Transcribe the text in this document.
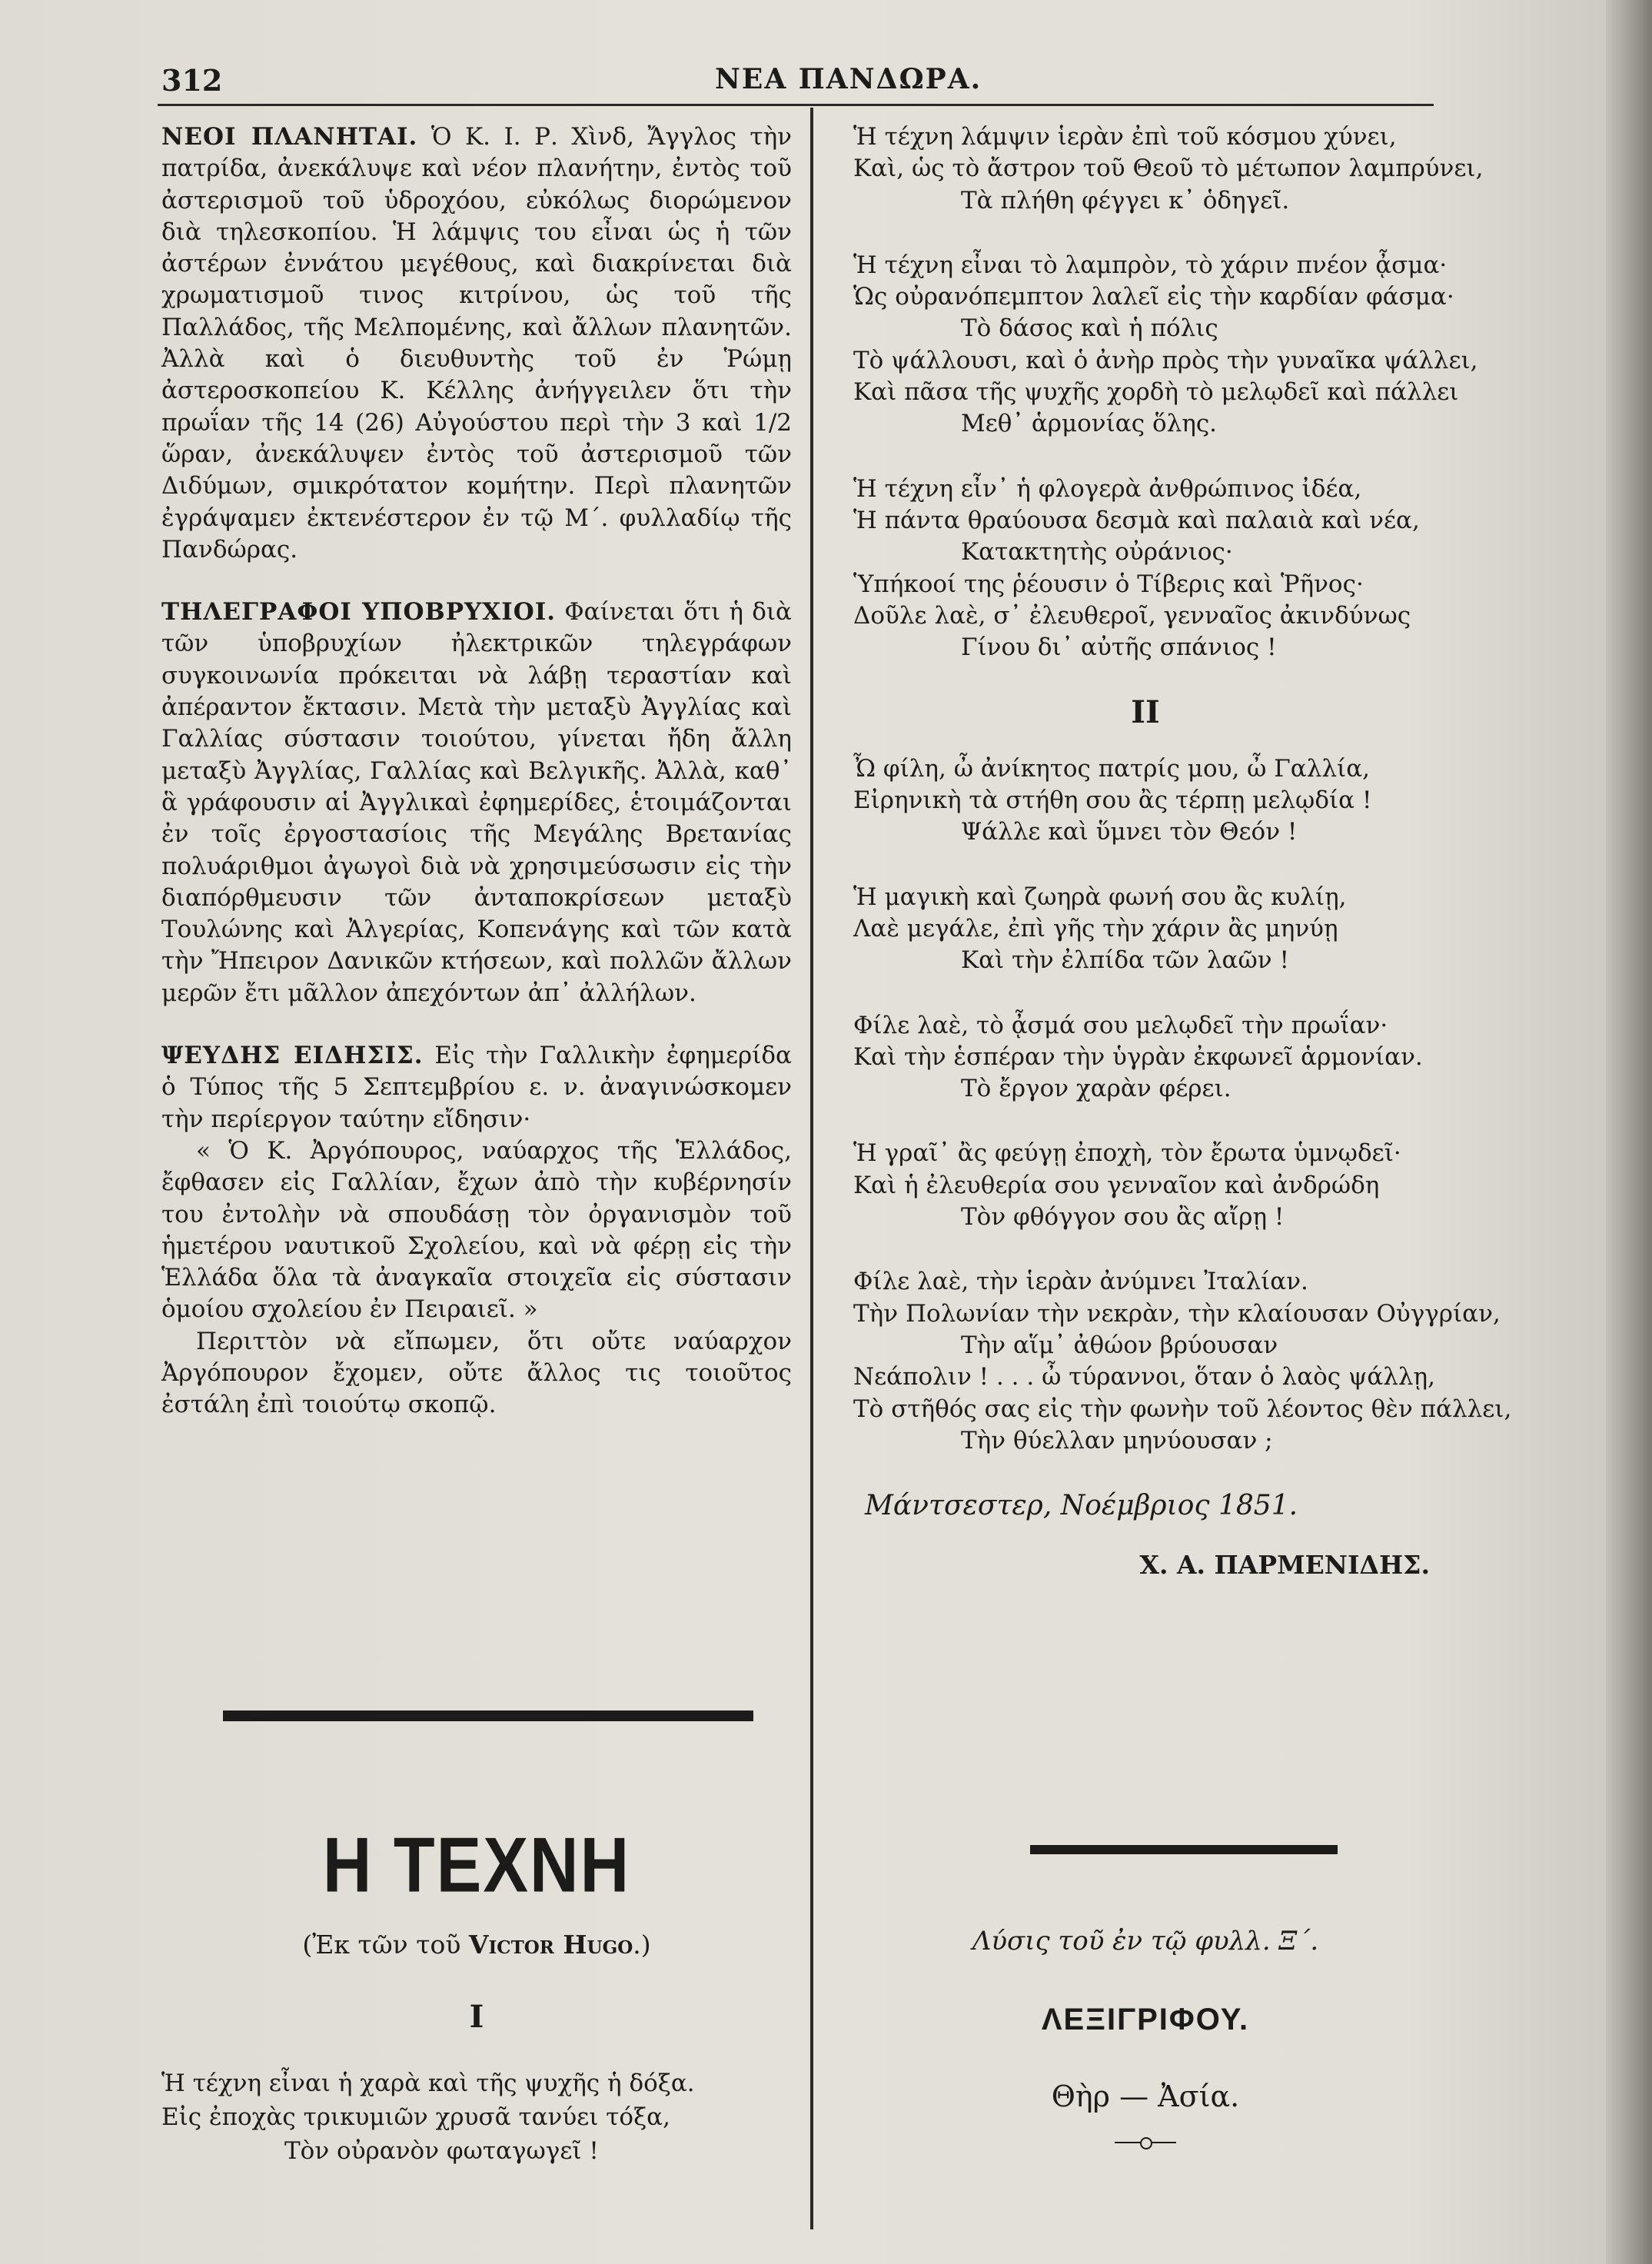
312	ΝΕΑ ΠΑΝΔΩΡΑ.

ΝΕΟΙ ΠΛΑΝΗΤΑΙ. Ὁ Κ. Ι. Ρ. Χὶνδ, Ἄγγλος τὴν πατρίδα, ἀνεκάλυψε καὶ νέον πλανήτην, ἐντὸς τοῦ ἀστερισμοῦ τοῦ ὑδροχόου, εὐκόλως διορώμενον διὰ τηλεσκοπίου. Ἡ λάμψις του εἶναι ὡς ἡ τῶν ἀστέρων ἐννάτου μεγέθους, καὶ διακρίνεται διὰ χρωματισμοῦ τινος κιτρίνου, ὡς τοῦ τῆς Παλλάδος, τῆς Μελπομένης, καὶ ἄλλων πλανητῶν. Ἀλλὰ καὶ ὁ διευθυντὴς τοῦ ἐν Ῥώμῃ ἀστεροσκοπείου Κ. Κέλλης ἀνήγγειλεν ὅτι τὴν πρωΐαν τῆς 14 (26) Αὐγούστου περὶ τὴν 3 καὶ 1/2 ὥραν, ἀνεκάλυψεν ἐντὸς τοῦ ἀστερισμοῦ τῶν Διδύμων, σμικρότατον κομήτην. Περὶ πλανητῶν ἐγράψαμεν ἐκτενέστερον ἐν τῷ Μ΄. φυλλαδίῳ τῆς Πανδώρας.

ΤΗΛΕΓΡΑΦΟΙ ΥΠΟΒΡΥΧΙΟΙ. Φαίνεται ὅτι ἡ διὰ τῶν ὑποβρυχίων ἠλεκτρικῶν τηλεγράφων συγκοινωνία πρόκειται νὰ λάβῃ τεραστίαν καὶ ἀπέραντον ἔκτασιν. Μετὰ τὴν μεταξὺ Ἀγγλίας καὶ Γαλλίας σύστασιν τοιούτου, γίνεται ἤδη ἄλλη μεταξὺ Ἀγγλίας, Γαλλίας καὶ Βελγικῆς. Ἀλλὰ, καθ᾽ ἃ γράφουσιν αἱ Ἀγγλικαὶ ἐφημερίδες, ἑτοιμάζονται ἐν τοῖς ἐργοστασίοις τῆς Μεγάλης Βρετανίας πολυάριθμοι ἀγωγοὶ διὰ νὰ χρησιμεύσωσιν εἰς τὴν διαπόρθμευσιν τῶν ἀνταποκρίσεων μεταξὺ Τουλώνης καὶ Ἀλγερίας, Κοπενάγης καὶ τῶν κατὰ τὴν Ἤπειρον Δανικῶν κτήσεων, καὶ πολλῶν ἄλλων μερῶν ἔτι μᾶλλον ἀπεχόντων ἀπ᾽ ἀλλήλων.

ΨΕΥΔΗΣ ΕΙΔΗΣΙΣ. Εἰς τὴν Γαλλικὴν ἐφημερίδα ὁ Τύπος τῆς 5 Σεπτεμβρίου ε. ν. ἀναγινώσκομεν τὴν περίεργον ταύτην εἴδησιν·

« Ὁ Κ. Ἀργόπουρος, ναύαρχος τῆς Ἑλλάδος, ἔφθασεν εἰς Γαλλίαν, ἔχων ἀπὸ τὴν κυβέρνησίν του ἐντολὴν νὰ σπουδάσῃ τὸν ὀργανισμὸν τοῦ ἡμετέρου ναυτικοῦ Σχολείου, καὶ νὰ φέρῃ εἰς τὴν Ἑλλάδα ὅλα τὰ ἀναγκαῖα στοιχεῖα εἰς σύστασιν ὁμοίου σχολείου ἐν Πειραιεῖ. »

Περιττὸν νὰ εἴπωμεν, ὅτι οὔτε ναύαρχον Ἀργόπουρον ἔχομεν, οὔτε ἄλλος τις τοιοῦτος ἐστάλη ἐπὶ τοιούτῳ σκοπῷ.

Η ΤΕΧΝΗ
(Ἐκ τῶν τοῦ Victor Hugo.)
Ι
Ἡ τέχνη εἶναι ἡ χαρὰ καὶ τῆς ψυχῆς ἡ δόξα.
Εἰς ἐποχὰς τρικυμιῶν χρυσᾶ τανύει τόξα,
Τὸν οὐρανὸν φωταγωγεῖ !
Ἡ τέχνη λάμψιν ἱερὰν ἐπὶ τοῦ κόσμου χύνει,
Καὶ, ὡς τὸ ἄστρον τοῦ Θεοῦ τὸ μέτωπον λαμπρύνει,
Τὰ πλήθη φέγγει κ᾽ ὁδηγεῖ.
Ἡ τέχνη εἶναι τὸ λαμπρὸν, τὸ χάριν πνέον ᾆσμα·
Ὡς οὐρανόπεμπτον λαλεῖ εἰς τὴν καρδίαν φάσμα·
Τὸ δάσος καὶ ἡ πόλις
Τὸ ψάλλουσι, καὶ ὁ ἀνὴρ πρὸς τὴν γυναῖκα ψάλλει,
Καὶ πᾶσα τῆς ψυχῆς χορδὴ τὸ μελῳδεῖ καὶ πάλλει
Μεθ᾽ ἁρμονίας ὅλης.
Ἡ τέχνη εἶν᾽ ἡ φλογερὰ ἀνθρώπινος ἰδέα,
Ἡ πάντα θραύουσα δεσμὰ καὶ παλαιὰ καὶ νέα,
Κατακτητὴς οὐράνιος·
Ὑπήκοοί της ῥέουσιν ὁ Τίβερις καὶ Ῥῆνος·
Δοῦλε λαὲ, σ᾽ ἐλευθεροῖ, γενναῖος ἀκινδύνως
Γίνου δι᾽ αὐτῆς σπάνιος !
ΙΙ
Ὦ φίλη, ὦ ἀνίκητος πατρίς μου, ὦ Γαλλία,
Εἰρηνικὴ τὰ στήθη σου ἂς τέρπῃ μελῳδία !
Ψάλλε καὶ ὕμνει τὸν Θεόν !
Ἡ μαγικὴ καὶ ζωηρὰ φωνή σου ἂς κυλίῃ,
Λαὲ μεγάλε, ἐπὶ γῆς τὴν χάριν ἂς μηνύῃ
Καὶ τὴν ἐλπίδα τῶν λαῶν !
Φίλε λαὲ, τὸ ᾆσμά σου μελῳδεῖ τὴν πρωΐαν·
Καὶ τὴν ἑσπέραν τὴν ὑγρὰν ἐκφωνεῖ ἁρμονίαν.
Τὸ ἔργον χαρὰν φέρει.
Ἡ γραῖ᾽ ἂς φεύγῃ ἐποχὴ, τὸν ἔρωτα ὑμνῳδεῖ·
Καὶ ἡ ἐλευθερία σου γενναῖον καὶ ἀνδρώδη
Τὸν φθόγγον σου ἂς αἴρῃ !
Φίλε λαὲ, τὴν ἱερὰν ἀνύμνει Ἰταλίαν.
Τὴν Πολωνίαν τὴν νεκρὰν, τὴν κλαίουσαν Οὐγγρίαν,
Τὴν αἵμ᾽ ἀθώον βρύουσαν
Νεάπολιν ! . . . ὦ τύραννοι, ὅταν ὁ λαὸς ψάλλῃ,
Τὸ στῆθός σας εἰς τὴν φωνὴν τοῦ λέοντος θὲν πάλλει,
Τὴν θύελλαν μηνύουσαν ;
Μάντσεστερ, Νοέμβριος 1851.
Χ. Α. ΠΑΡΜΕΝΙΔΗΣ.
Λύσις τοῦ ἐν τῷ φυλλ. Ξ΄.
ΛΕΞΙΓΡΙΦΟΥ.
Θὴρ — Ἀσία.
